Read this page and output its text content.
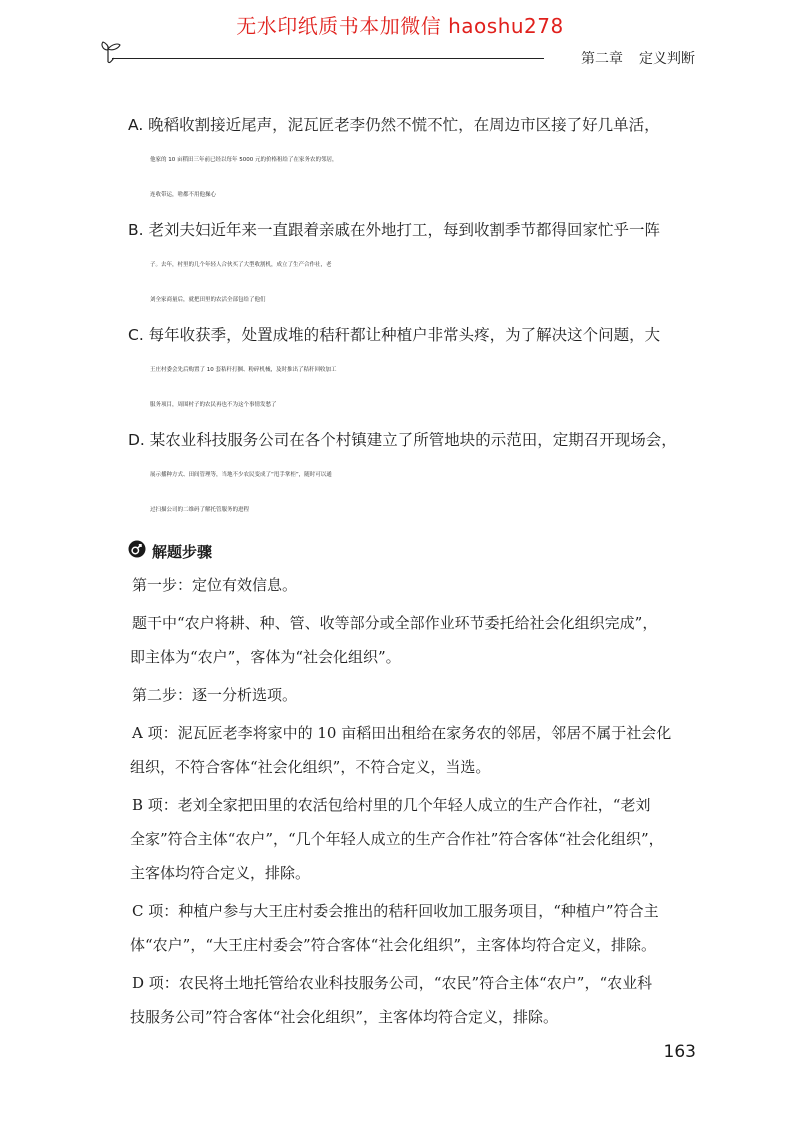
无水印纸质书本加微信 haoshu278
第二章 定义判断
A. 晚稻收割接近尾声，泥瓦匠老李仍然不慌不忙，在周边市区接了好几单活，
他家的 10 亩稻田三年前已经以每年 5000 元的价格租给了在家务农的邻居，
连收带运，啥都不用他操心
B. 老刘夫妇近年来一直跟着亲戚在外地打工，每到收割季节都得回家忙乎一阵
子。去年，村里的几个年轻人合伙买了大型收割机，成立了生产合作社，老
刘全家商量后，就把田里的农活全部包给了他们
C. 每年收获季，处置成堆的秸秆都让种植户非常头疼，为了解决这个问题，大
王庄村委会先后购置了 10 套秸秆打捆、粉碎机械，及时推出了秸秆回收加工
服务项目，周围村子的农民再也不为这个事情发愁了
D. 某农业科技服务公司在各个村镇建立了所管地块的示范田，定期召开现场会，
展示播种方式、田间管理等，当地不少农民变成了“甩手掌柜”，随时可以通
过扫描公司的二维码了解托管服务的进程
解题步骤

第一步：定位有效信息。

题干中“农户将耕、种、管、收等部分或全部作业环节委托给社会化组织完成”，
即主体为“农户”，客体为“社会化组织”。

第二步：逐一分析选项。

A 项：泥瓦匠老李将家中的 10 亩稻田出租给在家务农的邻居，邻居不属于社会化
组织，不符合客体“社会化组织”，不符合定义，当选。

B 项：老刘全家把田里的农活包给村里的几个年轻人成立的生产合作社，“老刘
全家”符合主体“农户”，“几个年轻人成立的生产合作社”符合客体“社会化组织”，
主客体均符合定义，排除。

C 项：种植户参与大王庄村委会推出的秸秆回收加工服务项目，“种植户”符合主
体“农户”，“大王庄村委会”符合客体“社会化组织”，主客体均符合定义，排除。

D 项：农民将土地托管给农业科技服务公司，“农民”符合主体“农户”，“农业科
技服务公司”符合客体“社会化组织”，主客体均符合定义，排除。

163
